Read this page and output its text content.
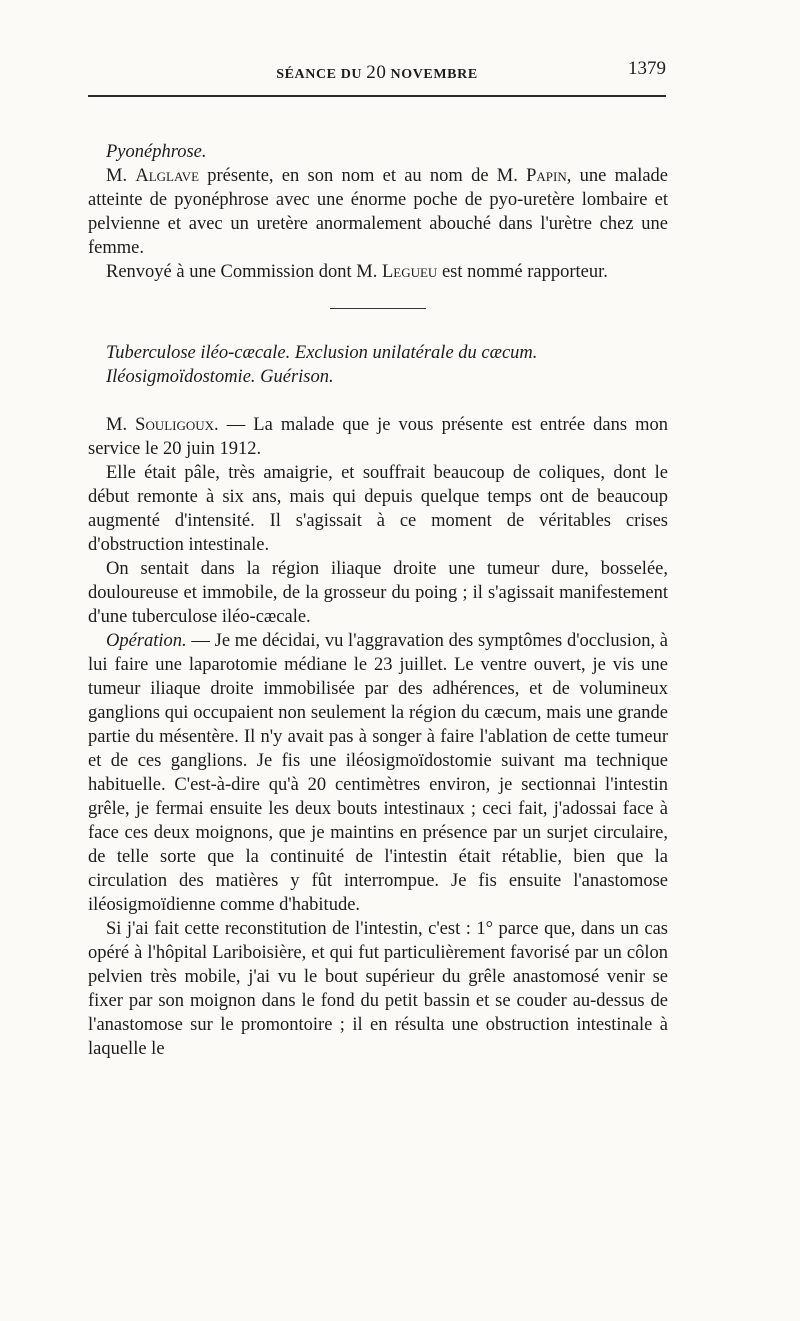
SÉANCE DU 20 NOVEMBRE	1379

Pyonéphrose.

M. Alglave présente, en son nom et au nom de M. Papin, une malade atteinte de pyonéphrose avec une énorme poche de pyo-uretère lombaire et pelvienne et avec un uretère anormalement abouché dans l'urètre chez une femme.

Renvoyé à une Commission dont M. Legueu est nommé rapporteur.

Tuberculose iléo-cæcale. Exclusion unilatérale du cæcum.

Iléosigmoïdostomie. Guérison.

M. Souligoux. — La malade que je vous présente est entrée dans mon service le 20 juin 1912.

Elle était pâle, très amaigrie, et souffrait beaucoup de coliques, dont le début remonte à six ans, mais qui depuis quelque temps ont de beaucoup augmenté d'intensité. Il s'agissait à ce moment de véritables crises d'obstruction intestinale.

On sentait dans la région iliaque droite une tumeur dure, bosselée, douloureuse et immobile, de la grosseur du poing ; il s'agissait manifestement d'une tuberculose iléo-cæcale.

Opération. — Je me décidai, vu l'aggravation des symptômes d'occlusion, à lui faire une laparotomie médiane le 23 juillet. Le ventre ouvert, je vis une tumeur iliaque droite immobilisée par des adhérences, et de volumineux ganglions qui occupaient non seulement la région du cæcum, mais une grande partie du mésentère. Il n'y avait pas à songer à faire l'ablation de cette tumeur et de ces ganglions. Je fis une iléosigmoïdostomie suivant ma technique habituelle. C'est-à-dire qu'à 20 centimètres environ, je sectionnai l'intestin grêle, je fermai ensuite les deux bouts intestinaux ; ceci fait, j'adossai face à face ces deux moignons, que je maintins en présence par un surjet circulaire, de telle sorte que la continuité de l'intestin était rétablie, bien que la circulation des matières y fût interrompue. Je fis ensuite l'anastomose iléosigmoïdienne comme d'habitude.

Si j'ai fait cette reconstitution de l'intestin, c'est : 1° parce que, dans un cas opéré à l'hôpital Lariboisière, et qui fut particulièrement favorisé par un côlon pelvien très mobile, j'ai vu le bout supérieur du grêle anastomosé venir se fixer par son moignon dans le fond du petit bassin et se couder au-dessus de l'anastomose sur le promontoire ; il en résulta une obstruction intestinale à laquelle le
